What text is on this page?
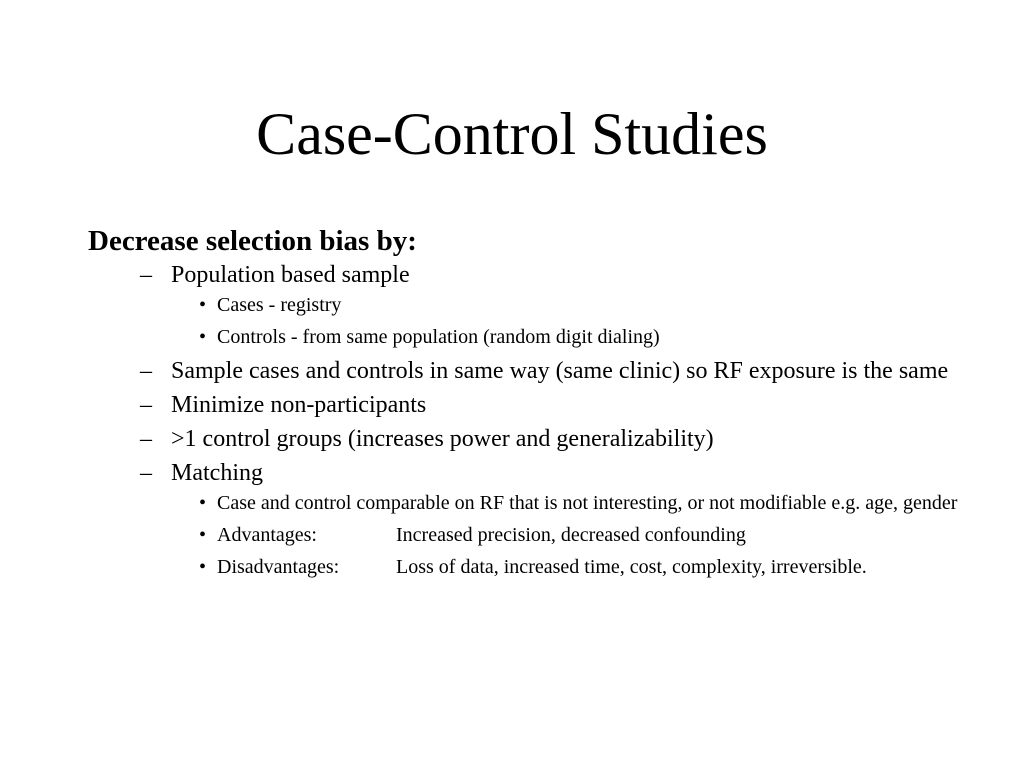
Case-Control Studies

Decrease selection bias by:

– Population based sample
• Cases - registry
• Controls - from same population (random digit dialing)
– Sample cases and controls in same way (same clinic) so RF exposure is the same
– Minimize non-participants
– >1 control groups (increases power and generalizability)
– Matching
• Case and control comparable on RF that is not interesting, or not modifiable e.g. age, gender
• Advantages:	Increased precision, decreased confounding
• Disadvantages:	Loss of data, increased time, cost, complexity, irreversible.
